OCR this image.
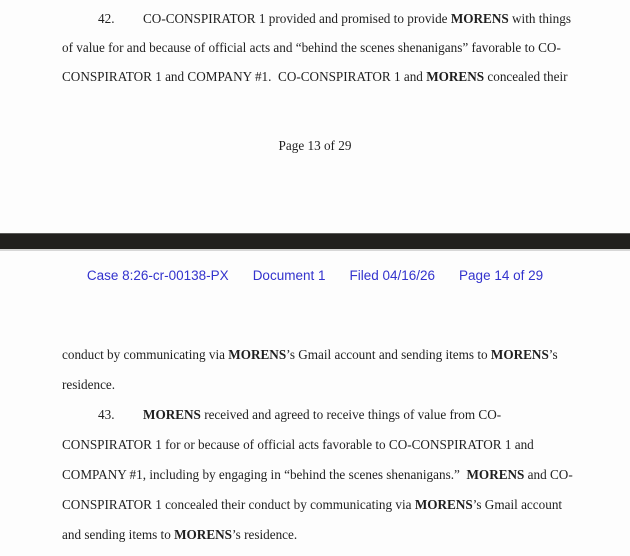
42. CO-CONSPIRATOR 1 provided and promised to provide MORENS with things
of value for and because of official acts and “behind the scenes shenanigans” favorable to CO-
CONSPIRATOR 1 and COMPANY #1.  CO-CONSPIRATOR 1 and MORENS concealed their
Page 13 of 29
Case 8:26-cr-00138-PX Document 1 Filed 04/16/26 Page 14 of 29
conduct by communicating via MORENS’s Gmail account and sending items to MORENS’s
residence.
43. MORENS received and agreed to receive things of value from CO-
CONSPIRATOR 1 for or because of official acts favorable to CO-CONSPIRATOR 1 and
COMPANY #1, including by engaging in “behind the scenes shenanigans.”  MORENS and CO-
CONSPIRATOR 1 concealed their conduct by communicating via MORENS’s Gmail account
and sending items to MORENS’s residence.
